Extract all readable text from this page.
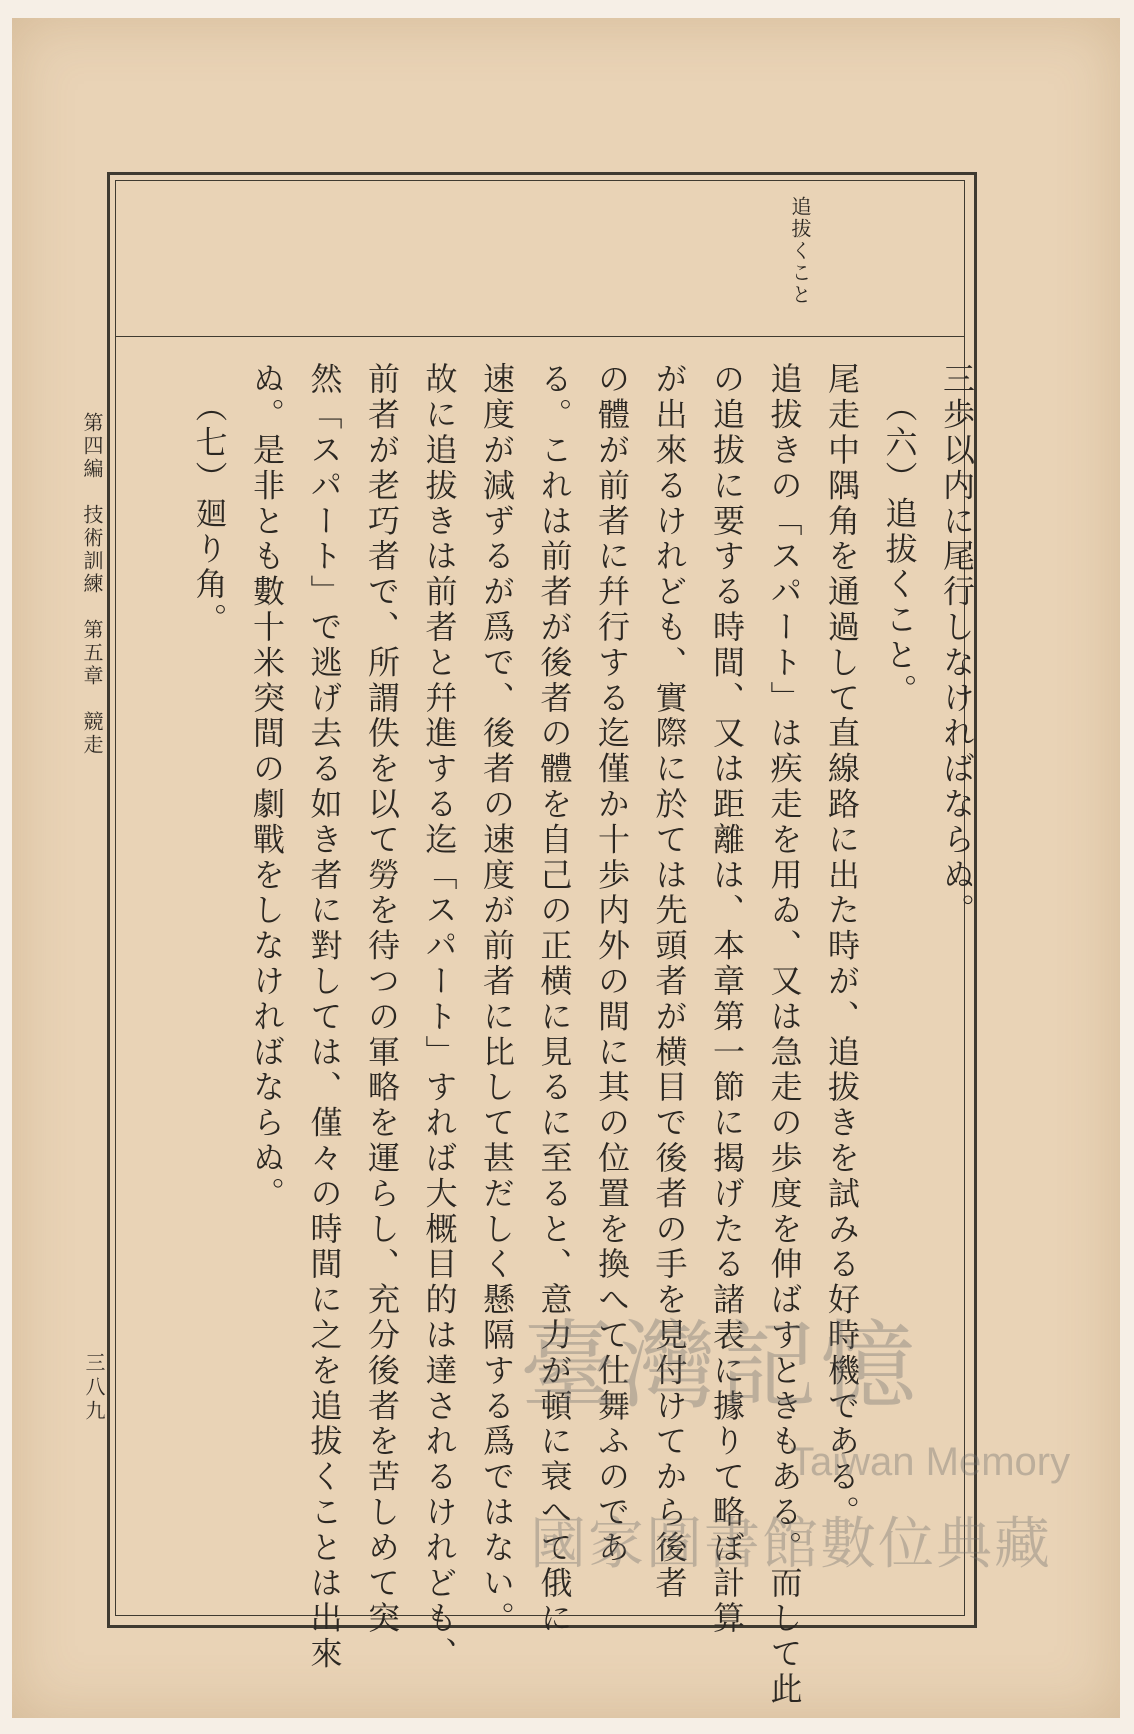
追拔くこと
三歩以内に尾行しなければならぬ。
（六）追拔くこと。
尾走中隅角を通過して直線路に出た時が、追拔きを試みる好時機である。
追拔きの「スパート」は疾走を用ゐ、又は急走の歩度を伸ばすときもある。而して此
の追拔に要する時間、又は距離は、本章第一節に揭げたる諸表に據りて略ぼ計算
が出來るけれども、實際に於ては先頭者が横目で後者の手を見付けてから後者
の體が前者に幷行する迄僅か十歩内外の間に其の位置を換へて仕舞ふのであ
る。これは前者が後者の體を自己の正横に見るに至ると、意力が頓に衰へて俄に
速度が減ずるが爲で、後者の速度が前者に比して甚だしく懸隔する爲ではない。
故に追拔きは前者と幷進する迄「スパート」すれば大概目的は達されるけれども、
前者が老巧者で、所謂佚を以て勞を待つの軍略を運らし、充分後者を苦しめて突
然「スパート」で逃げ去る如き者に對しては、僅々の時間に之を追拔くことは出來
ぬ。是非とも數十米突間の劇戰をしなければならぬ。
（七）廻り角。
第四編　技術訓練　第五章　競走
三八九	臺灣記憶
Taiwan Memory
國家圖書館數位典藏
